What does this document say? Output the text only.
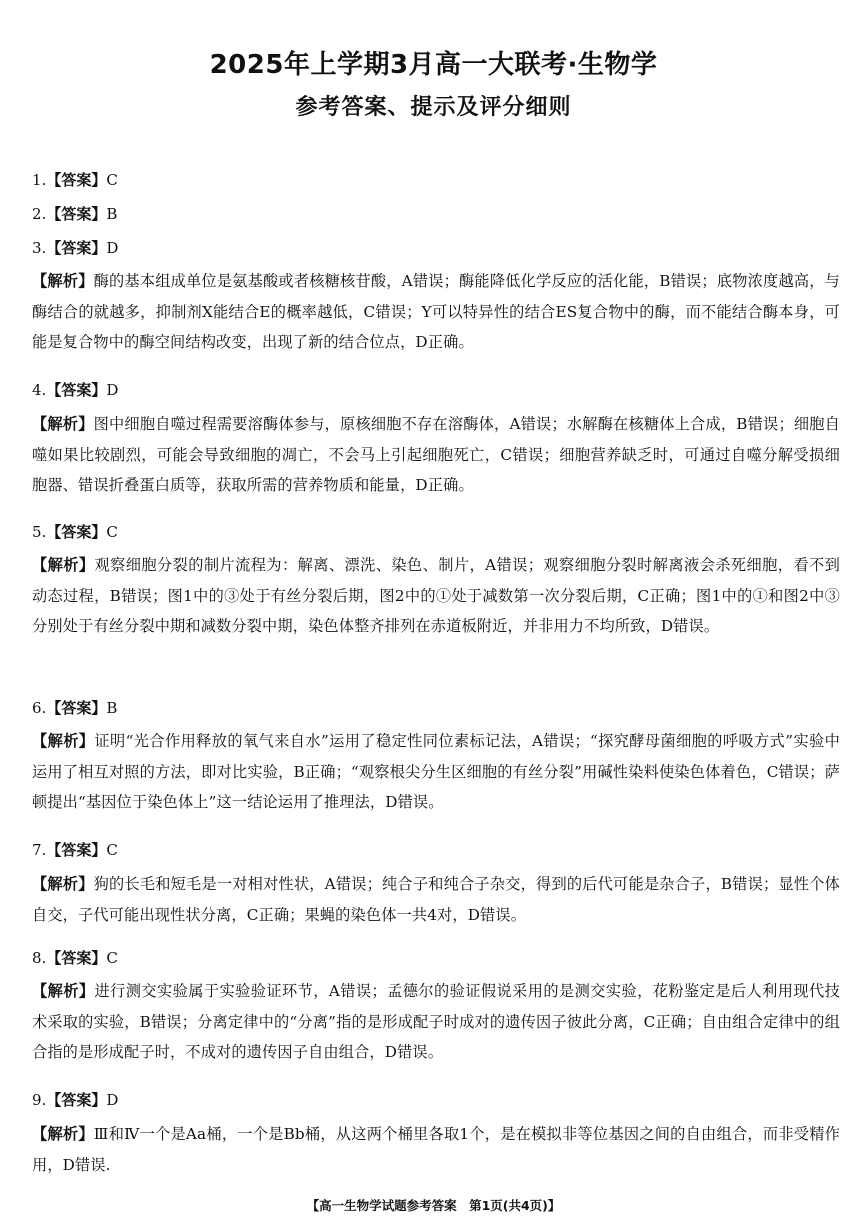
2025年上学期3月高一大联考·生物学
参考答案、提示及评分细则
1.【答案】C
2.【答案】B
3.【答案】D
【解析】酶的基本组成单位是氨基酸或者核糖核苷酸，A错误；酶能降低化学反应的活化能，B错误；底物浓度越高，与酶结合的就越多，抑制剂X能结合E的概率越低，C错误；Y可以特异性的结合ES复合物中的酶，而不能结合酶本身，可能是复合物中的酶空间结构改变，出现了新的结合位点，D正确。
4.【答案】D
【解析】图中细胞自噬过程需要溶酶体参与，原核细胞不存在溶酶体，A错误；水解酶在核糖体上合成，B错误；细胞自噬如果比较剧烈，可能会导致细胞的凋亡，不会马上引起细胞死亡，C错误；细胞营养缺乏时，可通过自噬分解受损细胞器、错误折叠蛋白质等，获取所需的营养物质和能量，D正确。
5.【答案】C
【解析】观察细胞分裂的制片流程为：解离、漂洗、染色、制片，A错误；观察细胞分裂时解离液会杀死细胞，看不到动态过程，B错误；图1中的③处于有丝分裂后期，图2中的①处于减数第一次分裂后期，C正确；图1中的①和图2中③分别处于有丝分裂中期和减数分裂中期，染色体整齐排列在赤道板附近，并非用力不均所致，D错误。
6.【答案】B
【解析】证明“光合作用释放的氧气来自水”运用了稳定性同位素标记法，A错误；“探究酵母菌细胞的呼吸方式”实验中运用了相互对照的方法，即对比实验，B正确；“观察根尖分生区细胞的有丝分裂”用碱性染料使染色体着色，C错误；萨顿提出“基因位于染色体上”这一结论运用了推理法，D错误。
7.【答案】C
【解析】狗的长毛和短毛是一对相对性状，A错误；纯合子和纯合子杂交，得到的后代可能是杂合子，B错误；显性个体自交，子代可能出现性状分离，C正确；果蝇的染色体一共4对，D错误。
8.【答案】C
【解析】进行测交实验属于实验验证环节，A错误；孟德尔的验证假说采用的是测交实验，花粉鉴定是后人利用现代技术采取的实验，B错误；分离定律中的“分离”指的是形成配子时成对的遗传因子彼此分离，C正确；自由组合定律中的组合指的是形成配子时，不成对的遗传因子自由组合，D错误。
9.【答案】D
【解析】Ⅲ和Ⅳ一个是Aa桶，一个是Bb桶，从这两个桶里各取1个，是在模拟非等位基因之间的自由组合，而非受精作用，D错误.
【高一生物学试题参考答案　第1页(共4页)】
